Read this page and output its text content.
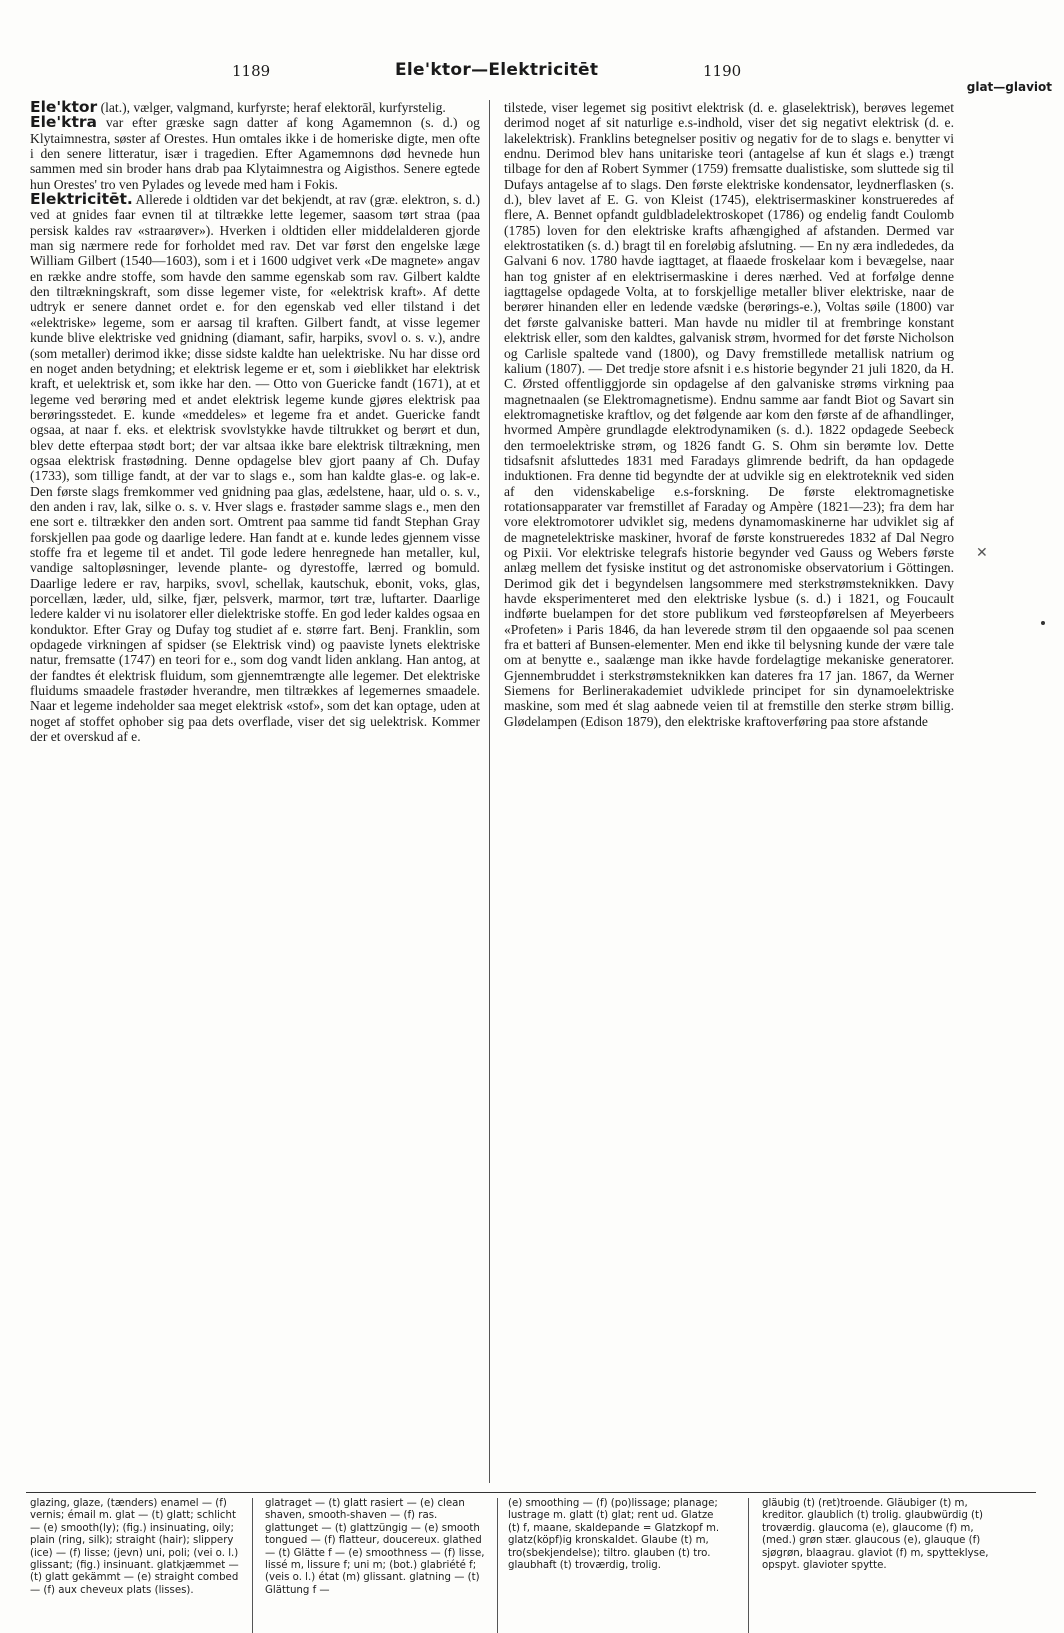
1189	Ele'ktor—Elektricitēt	1190
glat—glaviot

Ele'ktor (lat.), vælger, valgmand, kurfyrste; heraf elektorāl, kurfyrstelig.

Ele'ktra var efter græske sagn datter af kong Agamemnon (s. d.) og Klytaimnestra, søster af Orestes. Hun omtales ikke i de homeriske digte, men ofte i den senere litteratur, især i tragedien. Efter Agamemnons død hevnede hun sammen med sin broder hans drab paa Klytaimnestra og Aigisthos. Senere egtede hun Orestes' tro ven Pylades og levede med ham i Fokis.

Elektricitēt. Allerede i oldtiden var det bekjendt, at rav (græ. elektron, s. d.) ved at gnides faar evnen til at tiltrække lette legemer, saasom tørt straa (paa persisk kaldes rav «straarøver»). Hverken i oldtiden eller middelalderen gjorde man sig nærmere rede for forholdet med rav. Det var først den engelske læge William Gilbert (1540—1603), som i et i 1600 udgivet verk «De magnete» angav en række andre stoffe, som havde den samme egenskab som rav. Gilbert kaldte den tiltrækningskraft, som disse legemer viste, for «elektrisk kraft». Af dette udtryk er senere dannet ordet e. for den egenskab ved eller tilstand i det «elektriske» legeme, som er aarsag til kraften. Gilbert fandt, at visse legemer kunde blive elektriske ved gnidning (diamant, safir, harpiks, svovl o. s. v.), andre (som metaller) derimod ikke; disse sidste kaldte han uelektriske. Nu har disse ord en noget anden betydning; et elektrisk legeme er et, som i øieblikket har elektrisk kraft, et uelektrisk et, som ikke har den. — Otto von Guericke fandt (1671), at et legeme ved berøring med et andet elektrisk legeme kunde gjøres elektrisk paa berøringsstedet. E. kunde «meddeles» et legeme fra et andet. Guericke fandt ogsaa, at naar f. eks. et elektrisk svovlstykke havde tiltrukket og berørt et dun, blev dette efterpaa stødt bort; der var altsaa ikke bare elektrisk tiltrækning, men ogsaa elektrisk frastødning. Denne opdagelse blev gjort paany af Ch. Dufay (1733), som tillige fandt, at der var to slags e., som han kaldte glas-e. og lak-e. Den første slags fremkommer ved gnidning paa glas, ædelstene, haar, uld o. s. v., den anden i rav, lak, silke o. s. v. Hver slags e. frastøder samme slags e., men den ene sort e. tiltrækker den anden sort. Omtrent paa samme tid fandt Stephan Gray forskjellen paa gode og daarlige ledere. Han fandt at e. kunde ledes gjennem visse stoffe fra et legeme til et andet. Til gode ledere henregnede han metaller, kul, vandige saltopløsninger, levende plante- og dyrestoffe, lærred og bomuld. Daarlige ledere er rav, harpiks, svovl, schellak, kautschuk, ebonit, voks, glas, porcellæn, læder, uld, silke, fjær, pelsverk, marmor, tørt træ, luftarter. Daarlige ledere kalder vi nu isolatorer eller dielektriske stoffe. En god leder kaldes ogsaa en konduktor. Efter Gray og Dufay tog studiet af e. større fart. Benj. Franklin, som opdagede virkningen af spidser (se Elektrisk vind) og paaviste lynets elektriske natur, fremsatte (1747) en teori for e., som dog vandt liden anklang. Han antog, at der fandtes ét elektrisk fluidum, som gjennemtrængte alle legemer. Det elektriske fluidums smaadele frastøder hverandre, men tiltrækkes af legemernes smaadele. Naar et legeme indeholder saa meget elektrisk «stof», som det kan optage, uden at noget af stoffet ophober sig paa dets overflade, viser det sig uelektrisk. Kommer der et overskud af e.

tilstede, viser legemet sig positivt elektrisk (d. e. glaselektrisk), berøves legemet derimod noget af sit naturlige e.s-indhold, viser det sig negativt elektrisk (d. e. lakelektrisk). Franklins betegnelser positiv og negativ for de to slags e. benytter vi endnu. Derimod blev hans unitariske teori (antagelse af kun ét slags e.) trængt tilbage for den af Robert Symmer (1759) fremsatte dualistiske, som sluttede sig til Dufays antagelse af to slags. Den første elektriske kondensator, leydnerflasken (s. d.), blev lavet af E. G. von Kleist (1745), elektrisermaskiner konstrueredes af flere, A. Bennet opfandt guldbladelektroskopet (1786) og endelig fandt Coulomb (1785) loven for den elektriske krafts afhængighed af afstanden. Dermed var elektrostatiken (s. d.) bragt til en foreløbig afslutning. — En ny æra indlededes, da Galvani 6 nov. 1780 havde iagttaget, at flaaede froskelaar kom i bevægelse, naar han tog gnister af en elektrisermaskine i deres nærhed. Ved at forfølge denne iagttagelse opdagede Volta, at to forskjellige metaller bliver elektriske, naar de berører hinanden eller en ledende vædske (berørings-e.), Voltas søile (1800) var det første galvaniske batteri. Man havde nu midler til at frembringe konstant elektrisk eller, som den kaldtes, galvanisk strøm, hvormed for det første Nicholson og Carlisle spaltede vand (1800), og Davy fremstillede metallisk natrium og kalium (1807). — Det tredje store afsnit i e.s historie begynder 21 juli 1820, da H. C. Ørsted offentliggjorde sin opdagelse af den galvaniske strøms virkning paa magnetnaalen (se Elektromagnetisme). Endnu samme aar fandt Biot og Savart sin elektromagnetiske kraftlov, og det følgende aar kom den første af de afhandlinger, hvormed Ampère grundlagde elektrodynamiken (s. d.). 1822 opdagede Seebeck den termoelektriske strøm, og 1826 fandt G. S. Ohm sin berømte lov. Dette tidsafsnit afsluttedes 1831 med Faradays glimrende bedrift, da han opdagede induktionen. Fra denne tid begyndte der at udvikle sig en elektroteknik ved siden af den videnskabelige e.s-forskning. De første elektromagnetiske rotationsapparater var fremstillet af Faraday og Ampère (1821—23); fra dem har vore elektromotorer udviklet sig, medens dynamomaskinerne har udviklet sig af de magnetelektriske maskiner, hvoraf de første konstrueredes 1832 af Dal Negro og Pixii. Vor elektriske telegrafs historie begynder ved Gauss og Webers første anlæg mellem det fysiske institut og det astronomiske observatorium i Göttingen. Derimod gik det i begyndelsen langsommere med sterkstrømsteknikken. Davy havde eksperimenteret med den elektriske lysbue (s. d.) i 1821, og Foucault indførte buelampen for det store publikum ved førsteopførelsen af Meyerbeers «Profeten» i Paris 1846, da han leverede strøm til den opgaaende sol paa scenen fra et batteri af Bunsen-elementer. Men end ikke til belysning kunde der være tale om at benytte e., saalænge man ikke havde fordelagtige mekaniske generatorer. Gjennembruddet i sterkstrømsteknikken kan dateres fra 17 jan. 1867, da Werner Siemens for Berlinerakademiet udviklede principet for sin dynamoelektriske maskine, som med ét slag aabnede veien til at fremstille den sterke strøm billig. Glødelampen (Edison 1879), den elektriske kraftoverføring paa store afstande

✕
glazing, glaze, (tænders) enamel — (f) vernis; émail m. glat — (t) glatt; schlicht — (e) smooth(ly); (fig.) insinuating, oily; plain (ring, silk); straight (hair); slippery (ice) — (f) lisse; (jevn) uni, poli; (vei o. l.) glissant; (fig.) insinuant. glatkjæmmet — (t) glatt gekämmt — (e) straight combed — (f) aux cheveux plats (lisses).
glatraget — (t) glatt rasiert — (e) clean shaven, smooth-shaven — (f) ras. glattunget — (t) glattzüngig — (e) smooth tongued — (f) flatteur, doucereux. glathed — (t) Glätte f — (e) smoothness — (f) lisse, lissé m, lissure f; uni m; (bot.) glabriété f; (veis o. l.) état (m) glissant. glatning — (t) Glättung f —
(e) smoothing — (f) (po)lissage; planage; lustrage m. glatt (t) glat; rent ud. Glatze (t) f, maane, skaldepande = Glatzkopf m. glatz(köpf)ig kronskaldet. Glaube (t) m, tro(sbekjendelse); tiltro. glauben (t) tro. glaubhaft (t) troværdig, trolig.
gläubig (t) (ret)troende. Gläubiger (t) m, kreditor. glaublich (t) trolig. glaubwürdig (t) troværdig. glaucoma (e), glaucome (f) m, (med.) grøn stær. glaucous (e), glauque (f) sjøgrøn, blaagrau. glaviot (f) m, spytteklyse, opspyt. glavioter spytte.
